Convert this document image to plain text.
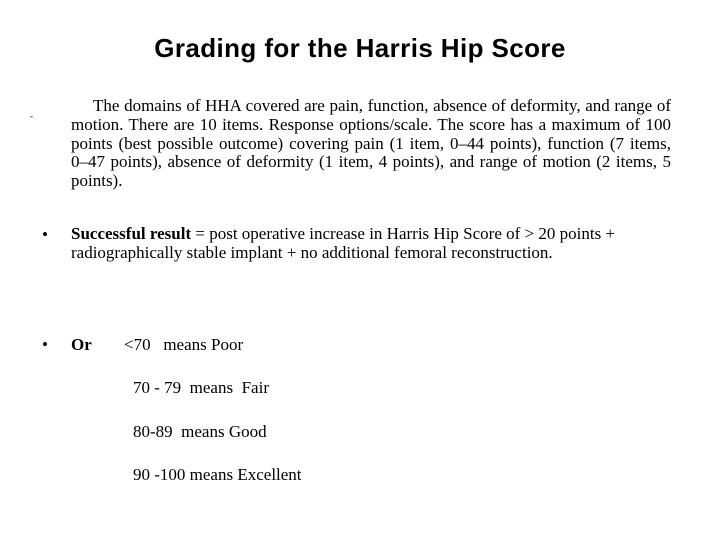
Grading for the Harris Hip Score
-
The domains of HHA covered are pain, function, absence of deformity, and range of motion. There are 10 items. Response options/scale. The score has a maximum of 100 points (best possible outcome) covering pain (1 item, 0–44 points), function (7 items, 0–47 points), absence of deformity (1 item, 4 points), and range of motion (2 items, 5 points).
• Successful result = post operative increase in Harris Hip Score of > 20 points + radiographically stable implant + no additional femoral reconstruction.
• Or <70   means Poor
70 - 79  means  Fair
80-89  means Good
90 -100 means Excellent
